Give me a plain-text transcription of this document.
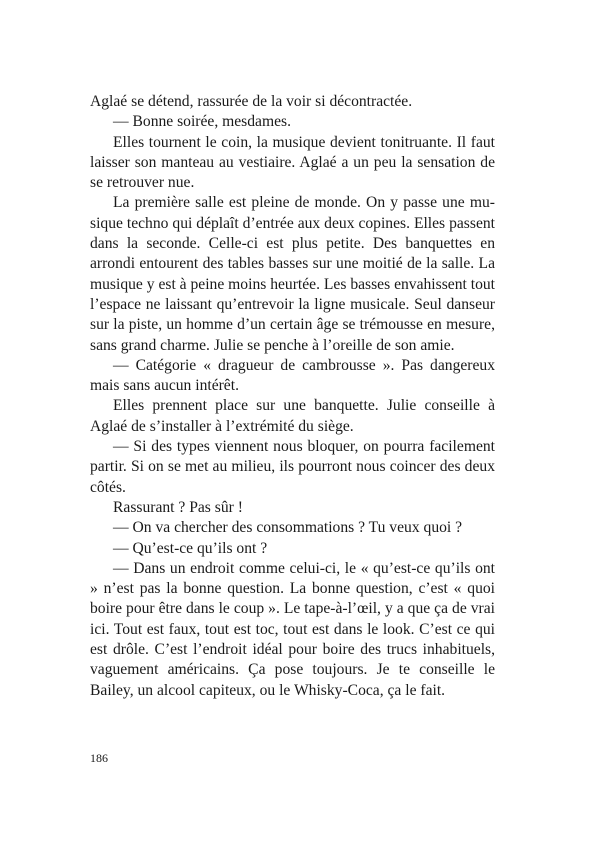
Aglaé se détend, rassurée de la voir si décontractée.

— Bonne soirée, mesdames.

Elles tournent le coin, la musique devient tonitruante. Il faut laisser son manteau au vestiaire. Aglaé a un peu la sensation de se retrouver nue.

La première salle est pleine de monde. On y passe une musique techno qui déplaît d’entrée aux deux copines. Elles passent dans la seconde. Celle-ci est plus petite. Des banquettes en arrondi entourent des tables basses sur une moitié de la salle. La musique y est à peine moins heurtée. Les basses envahissent tout l’espace ne laissant qu’entrevoir la ligne musicale. Seul danseur sur la piste, un homme d’un certain âge se trémousse en mesure, sans grand charme. Julie se penche à l’oreille de son amie.

— Catégorie « dragueur de cambrousse ». Pas dangereux mais sans aucun intérêt.

Elles prennent place sur une banquette. Julie conseille à Aglaé de s’installer à l’extrémité du siège.

— Si des types viennent nous bloquer, on pourra facilement partir. Si on se met au milieu, ils pourront nous coincer des deux côtés.

Rassurant ? Pas sûr !

— On va chercher des consommations ? Tu veux quoi ?

— Qu’est-ce qu’ils ont ?

— Dans un endroit comme celui-ci, le « qu’est-ce qu’ils ont » n’est pas la bonne question. La bonne question, c’est « quoi boire pour être dans le coup ». Le tape-à-l’œil, y a que ça de vrai ici. Tout est faux, tout est toc, tout est dans le look. C’est ce qui est drôle. C’est l’endroit idéal pour boire des trucs inhabituels, vaguement américains. Ça pose toujours. Je te conseille le Bailey, un alcool capiteux, ou le Whisky-Coca, ça le fait.

186
